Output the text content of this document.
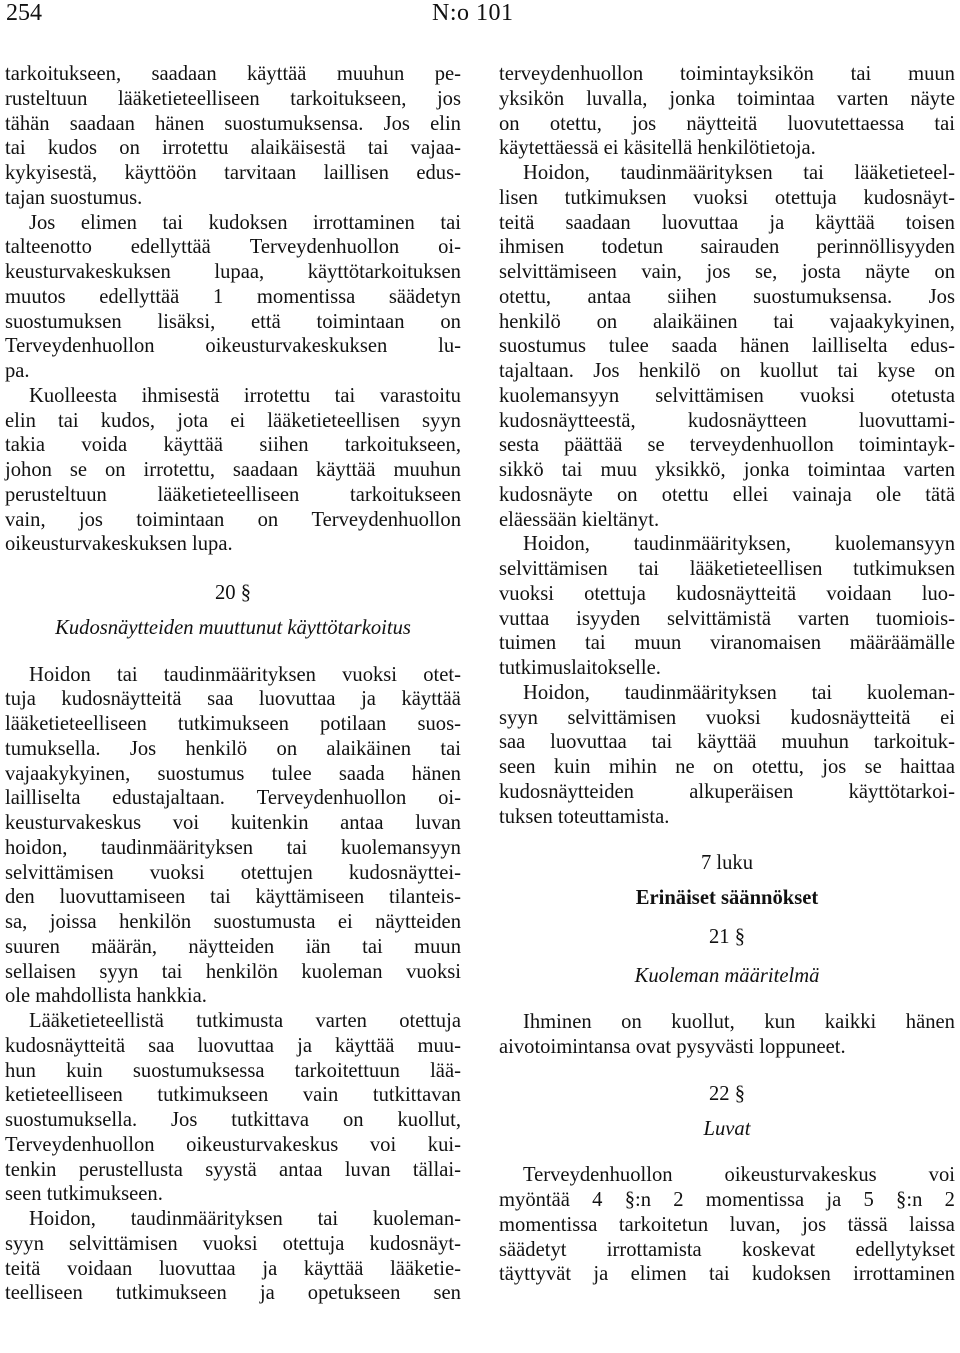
254	N:o 101
tarkoitukseen, saadaan käyttää muuhun pe-
rusteltuun lääketieteelliseen tarkoitukseen, jos
tähän saadaan hänen suostumuksensa. Jos elin
tai kudos on irrotettu alaikäisestä tai vajaa-
kykyisestä, käyttöön tarvitaan laillisen edus-
tajan suostumus.
Jos elimen tai kudoksen irrottaminen tai
talteenotto edellyttää Terveydenhuollon oi-
keusturvakeskuksen lupaa, käyttötarkoituksen
muutos edellyttää 1 momentissa säädetyn
suostumuksen lisäksi, että toimintaan on
Terveydenhuollon oikeusturvakeskuksen lu-
pa.
Kuolleesta ihmisestä irrotettu tai varastoitu
elin tai kudos, jota ei lääketieteellisen syyn
takia voida käyttää siihen tarkoitukseen,
johon se on irrotettu, saadaan käyttää muuhun
perusteltuun lääketieteelliseen tarkoitukseen
vain, jos toimintaan on Terveydenhuollon
oikeusturvakeskuksen lupa.
20 §
Kudosnäytteiden muuttunut käyttötarkoitus
Hoidon tai taudinmäärityksen vuoksi otet-
tuja kudosnäytteitä saa luovuttaa ja käyttää
lääketieteelliseen tutkimukseen potilaan suos-
tumuksella. Jos henkilö on alaikäinen tai
vajaakykyinen, suostumus tulee saada hänen
lailliselta edustajaltaan. Terveydenhuollon oi-
keusturvakeskus voi kuitenkin antaa luvan
hoidon, taudinmäärityksen tai kuolemansyyn
selvittämisen vuoksi otettujen kudosnäyttei-
den luovuttamiseen tai käyttämiseen tilanteis-
sa, joissa henkilön suostumusta ei näytteiden
suuren määrän, näytteiden iän tai muun
sellaisen syyn tai henkilön kuoleman vuoksi
ole mahdollista hankkia.
Lääketieteellistä tutkimusta varten otettuja
kudosnäytteitä saa luovuttaa ja käyttää muu-
hun kuin suostumuksessa tarkoitettuun lää-
ketieteelliseen tutkimukseen vain tutkittavan
suostumuksella. Jos tutkittava on kuollut,
Terveydenhuollon oikeusturvakeskus voi kui-
tenkin perustellusta syystä antaa luvan tällai-
seen tutkimukseen.
Hoidon, taudinmäärityksen tai kuoleman-
syyn selvittämisen vuoksi otettuja kudosnäyt-
teitä voidaan luovuttaa ja käyttää lääketie-
teelliseen tutkimukseen ja opetukseen sen
terveydenhuollon toimintayksikön tai muun
yksikön luvalla, jonka toimintaa varten näyte
on otettu, jos näytteitä luovutettaessa tai
käytettäessä ei käsitellä henkilötietoja.
Hoidon, taudinmäärityksen tai lääketieteel-
lisen tutkimuksen vuoksi otettuja kudosnäyt-
teitä saadaan luovuttaa ja käyttää toisen
ihmisen todetun sairauden perinnöllisyyden
selvittämiseen vain, jos se, josta näyte on
otettu, antaa siihen suostumuksensa. Jos
henkilö on alaikäinen tai vajaakykyinen,
suostumus tulee saada hänen lailliselta edus-
tajaltaan. Jos henkilö on kuollut tai kyse on
kuolemansyyn selvittämisen vuoksi otetusta
kudosnäytteestä,	kudosnäytteen	luovuttami-
sesta päättää se terveydenhuollon toimintayk-
sikkö tai muu yksikkö, jonka toimintaa varten
kudosnäyte on otettu ellei vainaja ole tätä
eläessään kieltänyt.
Hoidon, taudinmäärityksen, kuolemansyyn
selvittämisen tai lääketieteellisen tutkimuksen
vuoksi otettuja kudosnäytteitä voidaan luo-
vuttaa isyyden selvittämistä varten tuomiois-
tuimen tai muun viranomaisen määräämälle
tutkimuslaitokselle.
Hoidon, taudinmäärityksen tai kuoleman-
syyn selvittämisen vuoksi kudosnäytteitä ei
saa luovuttaa tai käyttää muuhun tarkoituk-
seen kuin mihin ne on otettu, jos se haittaa
kudosnäytteiden	alkuperäisen	käyttötarkoi-
tuksen toteuttamista.
7 luku
Erinäiset säännökset
21 §
Kuoleman määritelmä
Ihminen on kuollut, kun kaikki hänen
aivotoimintansa ovat pysyvästi loppuneet.
22 §
Luvat
Terveydenhuollon	oikeusturvakeskus	voi
myöntää 4 §:n 2 momentissa ja 5 §:n 2
momentissa tarkoitetun luvan, jos tässä laissa
säädetyt irrottamista koskevat edellytykset
täyttyvät ja elimen tai kudoksen irrottaminen
